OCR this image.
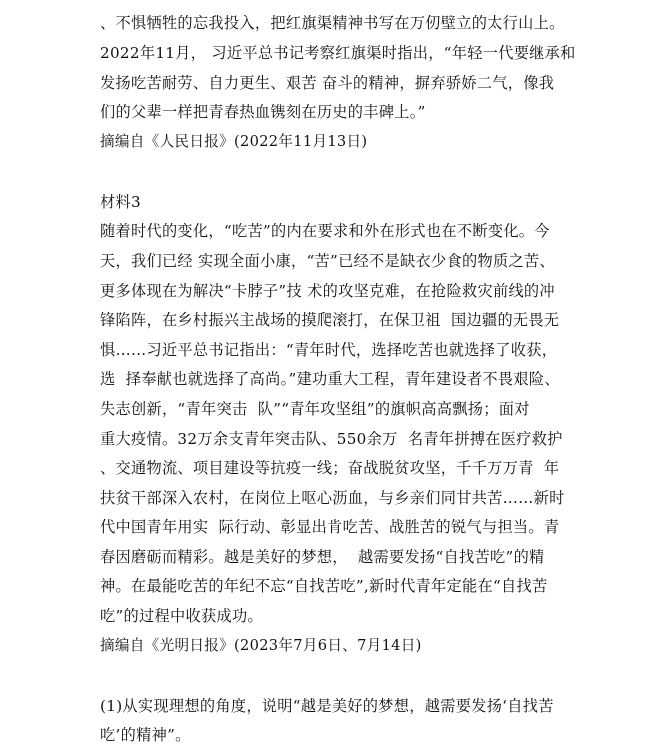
、不惧牺牲的忘我投入，把红旗渠精神书写在万仞壁立的太行山上。
2022年11月， 习近平总书记考察红旗渠时指出，“年轻一代要继承和
发扬吃苦耐劳、自力更生、艰苦 奋斗的精神，摒弃骄娇二气，像我
们的父辈一样把青春热血镌刻在历史的丰碑上。”
摘编自《人民日报》(2022年11月13日)
材料3
随着时代的变化，“吃苦”的内在要求和外在形式也在不断变化。今
天，我们已经 实现全面小康，“苦”已经不是缺衣少食的物质之苦、
更多体现在为解决“卡脖子”技 术的攻坚克难，在抢险救灾前线的冲
锋陷阵，在乡村振兴主战场的摸爬滚打，在保卫祖  国边疆的无畏无
惧……习近平总书记指出：“青年时代，选择吃苦也就选择了收获，
选  择奉献也就选择了高尚。”建功重大工程，青年建设者不畏艰险、
失志创新，“青年突击  队”“青年攻坚组”的旗帜高高飘扬；面对
重大疫情。32万余支青年突击队、550余万  名青年拼搏在医疗救护
、交通物流、项目建设等抗疫一线；奋战脱贫攻坚，千千万万青  年
扶贫干部深入农村，在岗位上呕心沥血，与乡亲们同甘共苦……新时
代中国青年用实  际行动、彰显出肯吃苦、战胜苦的锐气与担当。青
春因磨砺而精彩。越是美好的梦想，  越需要发扬“自找苦吃”的精
神。在最能吃苦的年纪不忘“自找苦吃”,新时代青年定能在“自找苦
吃”的过程中收获成功。
摘编自《光明日报》(2023年7月6日、7月14日)
(1)从实现理想的角度，说明“越是美好的梦想，越需要发扬‘自找苦
吃’的精神”。
